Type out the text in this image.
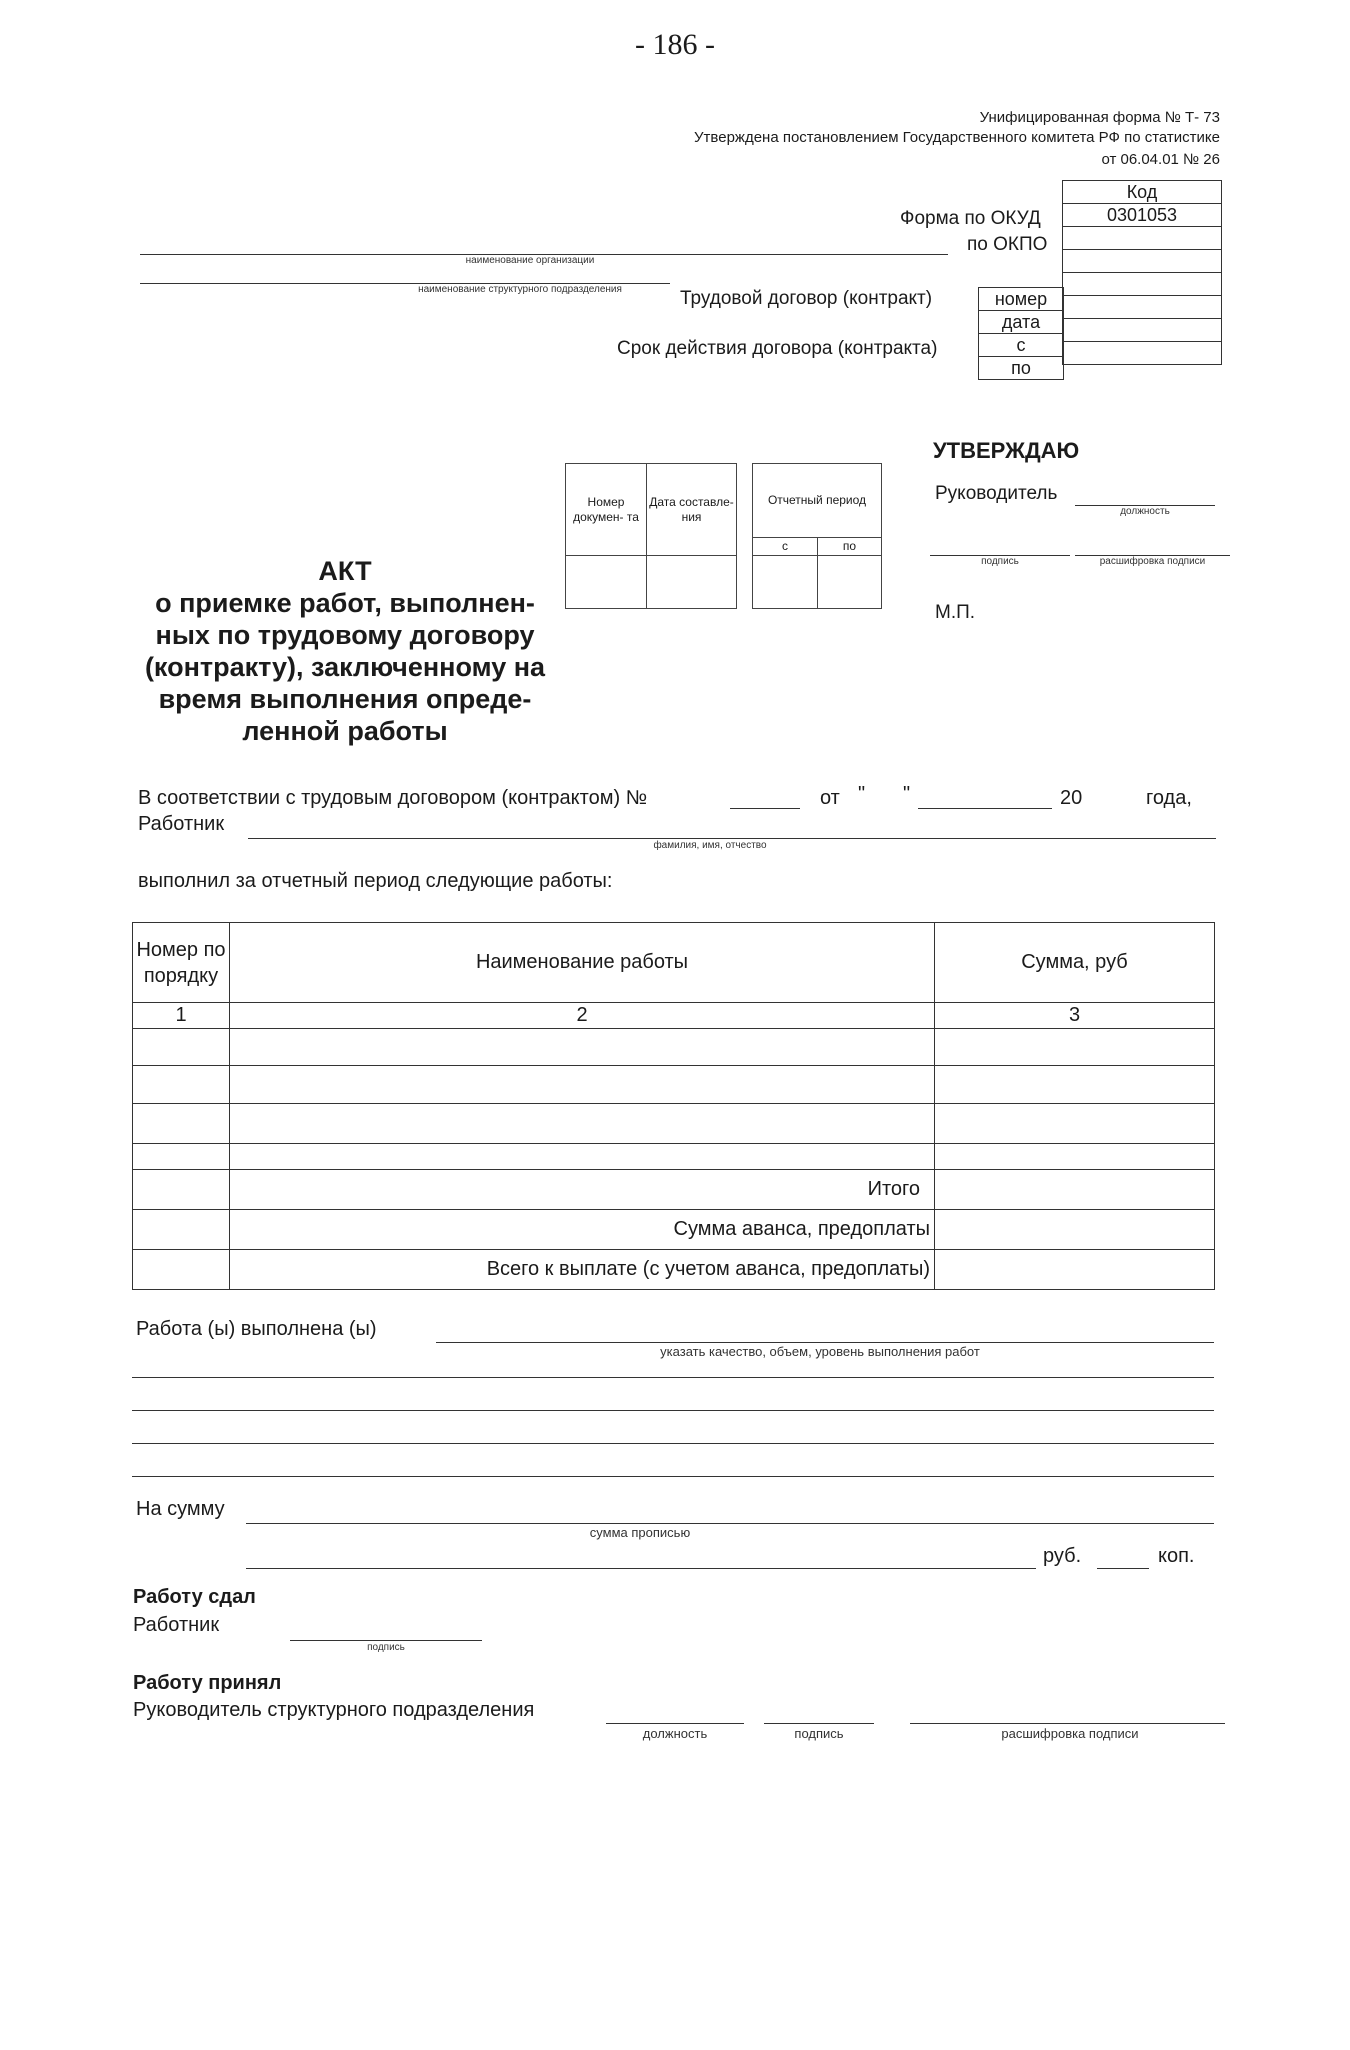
- 186 -
Унифицированная форма № Т- 73
Утверждена постановлением Государственного комитета РФ по статистике
от 06.04.01 № 26
Код
0301053

номер
дата
с
по
Форма по ОКУД
по ОКПО
наименование организации
наименование структурного подразделения	Трудовой договор (контракт)
Срок действия договора (контракта)
УТВЕРЖДАЮ
Руководитель
должность
подпись	расшифровка подписи
М.П.
Номер докумен- та	Дата составле- ния

Отчетный период	
с	по

АКТ
о приемке работ, выполнен-
ных по трудовому договору
(контракту), заключенному на
время выполнения опреде-
ленной работы
В соответствии с трудовым договором (контрактом) №	от " "	20	года,
Работник
фамилия, имя, отчество
выполнил за отчетный период следующие работы:
Номер по порядку	Наименование работы	Сумма, руб
1	2	3

	Итого	
	Сумма аванса, предоплаты	
	Всего к выплате (с учетом аванса, предоплаты)	
Работа (ы) выполнена (ы)
указать качество, объем, уровень выполнения работ
На сумму
сумма прописью
руб.	коп.
Работу сдал
Работник
подпись
Работу принял
Руководитель структурного подразделения
должность	подпись	расшифровка подписи
